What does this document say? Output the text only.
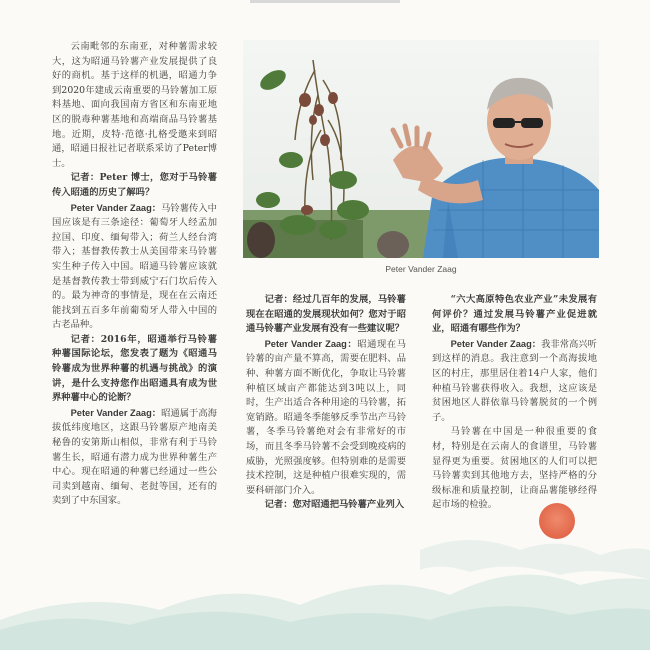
云南毗邻的东南亚，对种薯需求较大，这为昭通马铃薯产业发展提供了良好的商机。基于这样的机遇，昭通力争到2020年建成云南重要的马铃薯加工原料基地、面向我国南方省区和东南亚地区的脱毒种薯基地和高端商品马铃薯基地。近期，皮特·范德·扎格受邀来到昭通，昭通日报社记者联系采访了Peter博士。

记者：Peter 博士，您对于马铃薯传入昭通的历史了解吗？

Peter Vander Zaag：马铃薯传入中国应该是有三条途径：葡萄牙人经孟加拉国、印度、缅甸带入；荷兰人经台湾带入；基督教传教士从美国带来马铃薯实生种子传入中国。昭通马铃薯应该就是基督教传教士带到威宁石门坎后传入的。最为神奇的事情是，现在在云南还能找到五百多年前葡萄牙人带入中国的古老品种。

记者：2016年，昭通举行马铃薯种薯国际论坛，您发表了题为《昭通马铃薯成为世界种薯的机遇与挑战》的演讲，是什么支持您作出昭通具有成为世界种薯中心的论断？

Peter Vander Zaag：昭通属于高海拔低纬度地区，这跟马铃薯原产地南美秘鲁的安第斯山相似，非常有利于马铃薯生长，昭通有潜力成为世界种薯生产中心。现在昭通的种薯已经通过一些公司卖到越南、缅甸、老挝等国，还有的卖到了中东国家。

Peter Vander Zaag

记者：经过几百年的发展，马铃薯现在在昭通的发展现状如何？您对于昭通马铃薯产业发展有没有一些建议呢？

Peter Vander Zaag：昭通现在马铃薯的亩产量不算高，需要在肥料、品种、种薯方面不断优化，争取让马铃薯种植区域亩产都能达到3吨以上，同时，生产出适合各种用途的马铃薯，拓宽销路。昭通冬季能够反季节出产马铃薯，冬季马铃薯绝对会有非常好的市场，而且冬季马铃薯不会受到晚疫病的威胁，光照强度够。但特别难的是需要技术控制，这是种植户很难实现的，需要科研部门介入。

记者：您对昭通把马铃薯产业列入

“六大高原特色农业产业”未发展有何评价？通过发展马铃薯产业促进就业，昭通有哪些作为？

Peter Vander Zaag：我非常高兴听到这样的消息。我注意到一个高海拔地区的村庄，那里居住着14户人家，他们种植马铃薯获得收入。我想，这应该是贫困地区人群依靠马铃薯脱贫的一个例子。

马铃薯在中国是一种很重要的食材，特别是在云南人的食谱里，马铃薯显得更为重要。贫困地区的人们可以把马铃薯卖到其他地方去，坚持严格的分级标准和质量控制，让商品薯能够经得起市场的检验。
